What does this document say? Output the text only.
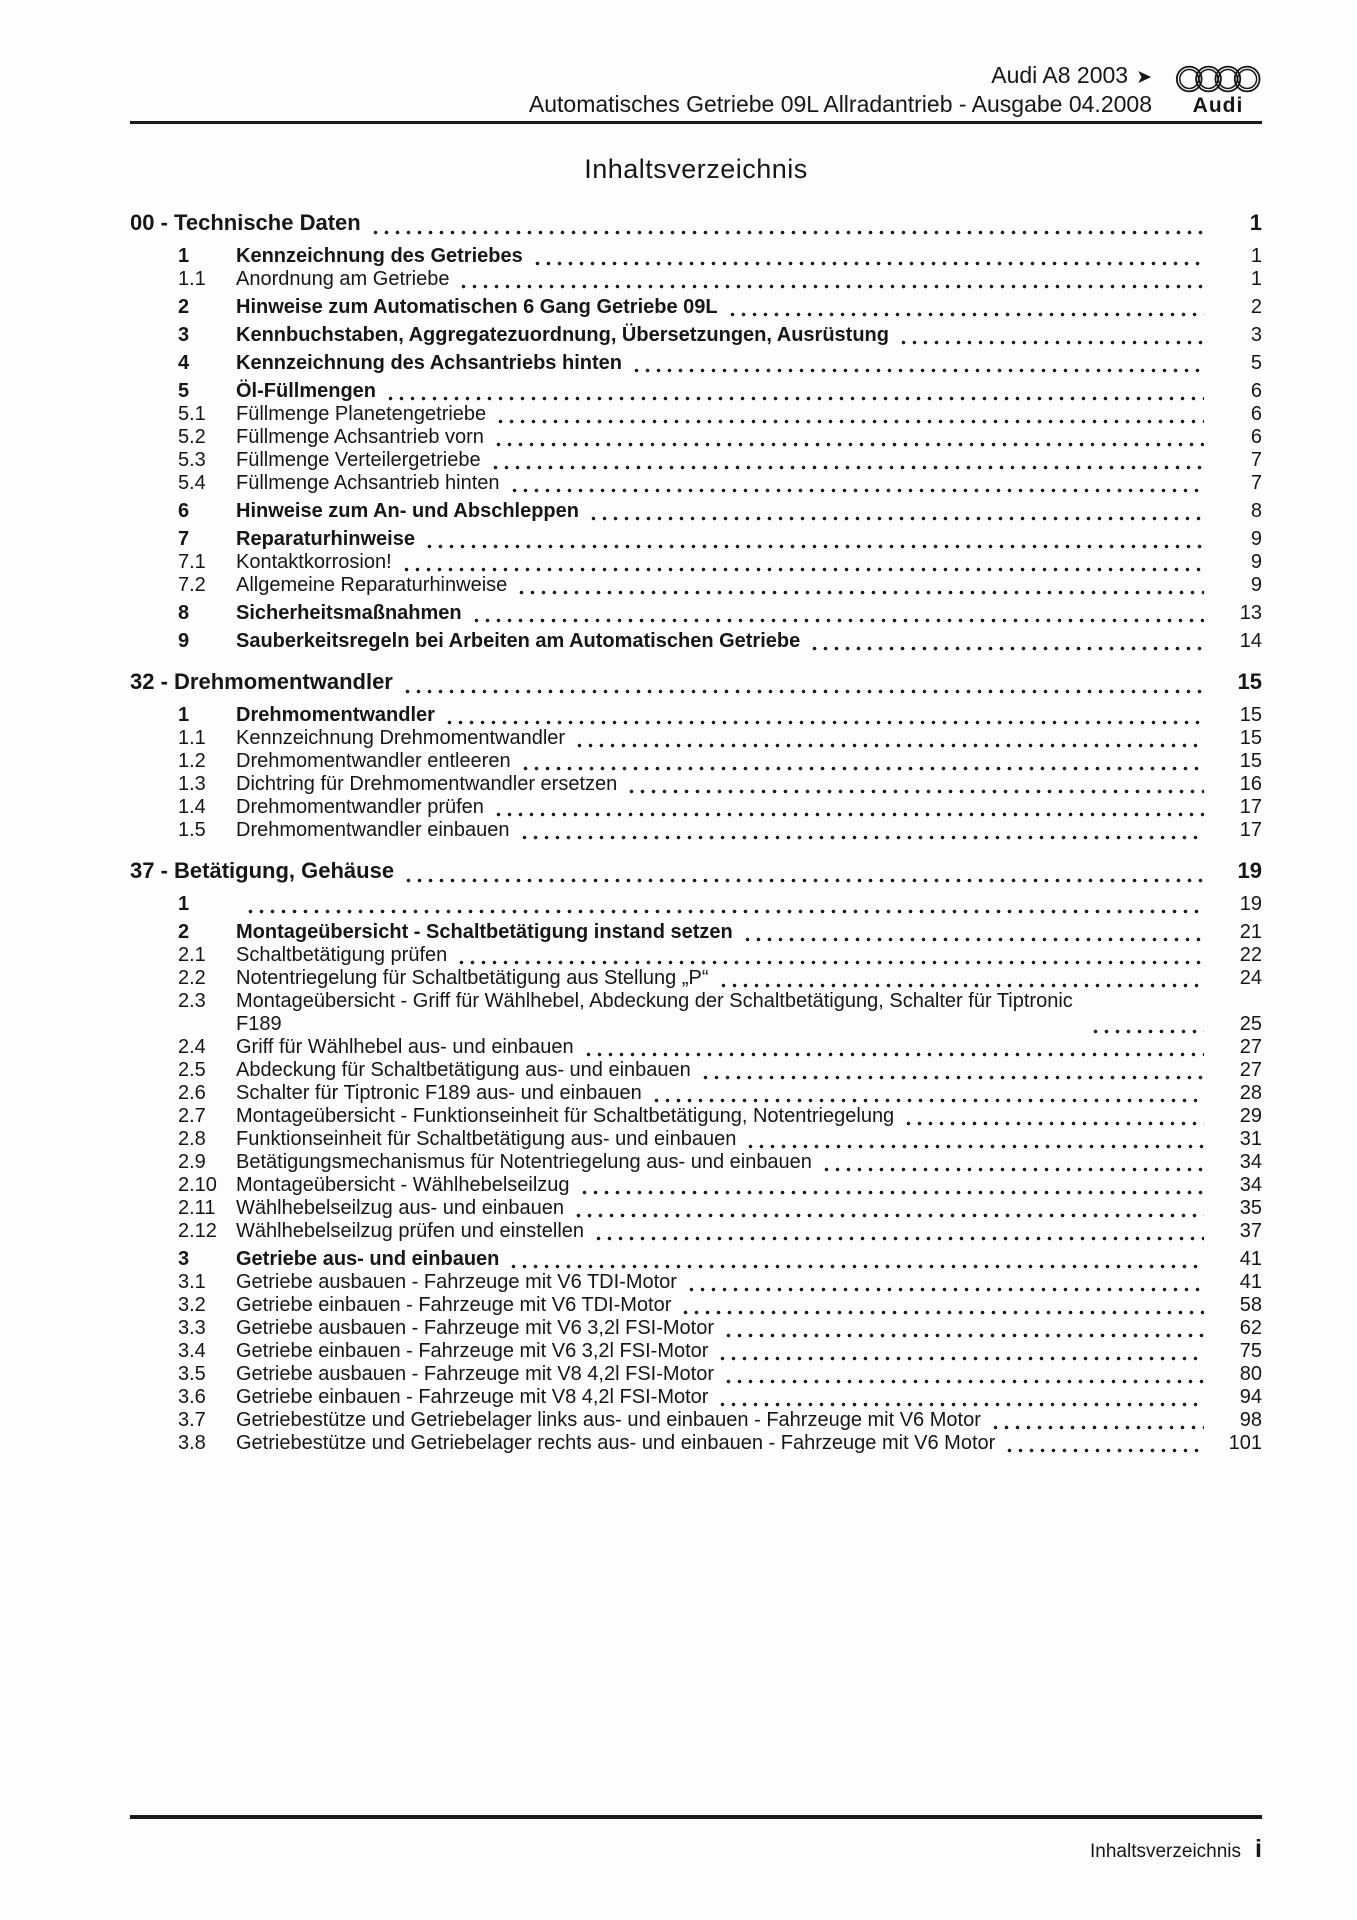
Audi A8 2003 ➤
Automatisches Getriebe 09L Allradantrieb - Ausgabe 04.2008	Audi
Inhaltsverzeichnis
00 - Technische Daten	1
1	Kennzeichnung des Getriebes	1
1.1	Anordnung am Getriebe	1
2	Hinweise zum Automatischen 6 Gang Getriebe 09L	2
3	Kennbuchstaben, Aggregatezuordnung, Übersetzungen, Ausrüstung	3
4	Kennzeichnung des Achsantriebs hinten	5
5	Öl-Füllmengen	6
5.1	Füllmenge Planetengetriebe	6
5.2	Füllmenge Achsantrieb vorn	6
5.3	Füllmenge Verteilergetriebe	7
5.4	Füllmenge Achsantrieb hinten	7
6	Hinweise zum An- und Abschleppen	8
7	Reparaturhinweise	9
7.1	Kontaktkorrosion!	9
7.2	Allgemeine Reparaturhinweise	9
8	Sicherheitsmaßnahmen	13
9	Sauberkeitsregeln bei Arbeiten am Automatischen Getriebe	14
32 - Drehmomentwandler	15
1	Drehmomentwandler	15
1.1	Kennzeichnung Drehmomentwandler	15
1.2	Drehmomentwandler entleeren	15
1.3	Dichtring für Drehmomentwandler ersetzen	16
1.4	Drehmomentwandler prüfen	17
1.5	Drehmomentwandler einbauen	17
37 - Betätigung, Gehäuse	19
1	19
2	Montageübersicht - Schaltbetätigung instand setzen	21
2.1	Schaltbetätigung prüfen	22
2.2	Notentriegelung für Schaltbetätigung aus Stellung „P“	24
2.3	Montageübersicht - Griff für Wählhebel, Abdeckung der Schaltbetätigung, Schalter für Tiptronic F189	25
2.4	Griff für Wählhebel aus- und einbauen	27
2.5	Abdeckung für Schaltbetätigung aus- und einbauen	27
2.6	Schalter für Tiptronic F189 aus- und einbauen	28
2.7	Montageübersicht - Funktionseinheit für Schaltbetätigung, Notentriegelung	29
2.8	Funktionseinheit für Schaltbetätigung aus- und einbauen	31
2.9	Betätigungsmechanismus für Notentriegelung aus- und einbauen	34
2.10 Montageübersicht - Wählhebelseilzug	34
2.11	Wählhebelseilzug aus- und einbauen	35
2.12 Wählhebelseilzug prüfen und einstellen	37
3	Getriebe aus- und einbauen	41
3.1	Getriebe ausbauen - Fahrzeuge mit V6 TDI-Motor	41
3.2	Getriebe einbauen - Fahrzeuge mit V6 TDI-Motor	58
3.3	Getriebe ausbauen - Fahrzeuge mit V6 3,2l FSI-Motor	62
3.4	Getriebe einbauen - Fahrzeuge mit V6 3,2l FSI-Motor	75
3.5	Getriebe ausbauen - Fahrzeuge mit V8 4,2l FSI-Motor	80
3.6	Getriebe einbauen - Fahrzeuge mit V8 4,2l FSI-Motor	94
3.7	Getriebestütze und Getriebelager links aus- und einbauen - Fahrzeuge mit V6 Motor	98
3.8	Getriebestütze und Getriebelager rechts aus- und einbauen - Fahrzeuge mit V6 Motor	101
Inhaltsverzeichnis i
